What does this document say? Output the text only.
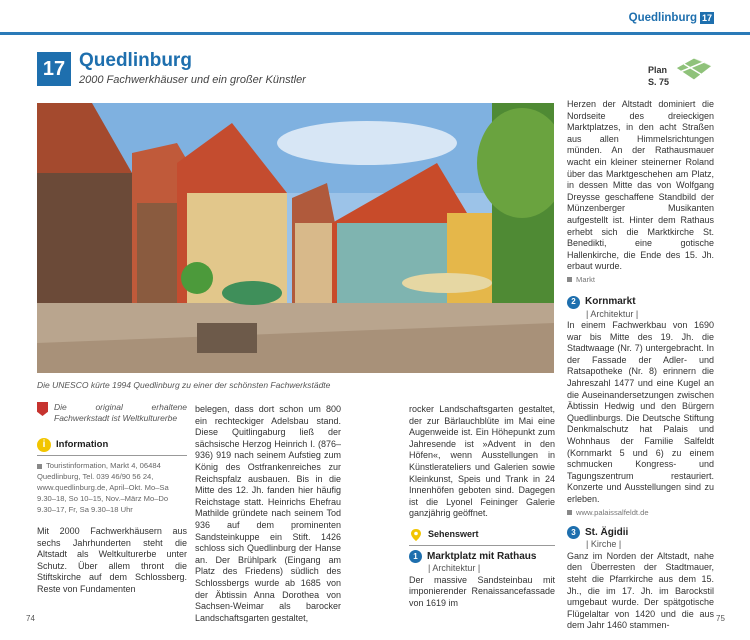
Quedlinburg 17
17 Quedlinburg
2000 Fachwerkhäuser und ein großer Künstler
Plan
S. 75
Die UNESCO kürte 1994 Quedlinburg zu einer der schönsten Fachwerkstädte
Die original erhaltene Fachwerkstadt ist Weltkulturerbe
i	Information
Touristinformation, Markt 4, 06484 Quedlinburg, Tel. 039 46/90 56 24, www.quedlinburg.de, April–Okt. Mo–Sa 9.30–18, So 10–15, Nov.–März Mo–Do 9.30–17, Fr, Sa 9.30–18 Uhr

Mit 2000 Fachwerkhäusern aus sechs Jahrhunderten steht die Altstadt als Weltkulturerbe unter Schutz. Über allem thront die Stiftskirche auf dem Schlossberg. Reste von Fundamenten

belegen, dass dort schon um 800 ein rechteckiger Adelsbau stand. Diese Quitlingaburg ließ der sächsische Herzog Heinrich I. (876–936) 919 nach seinem Aufstieg zum König des Ostfrankenreiches zur Reichspfalz ausbauen. Bis in die Mitte des 12. Jh. fanden hier häufig Reichstage statt. Heinrichs Ehefrau Mathilde gründete nach seinem Tod 936 auf dem prominenten Sandsteinkuppe ein Stift. 1426 schloss sich Quedlinburg der Hanse an. Der Brühlpark (Eingang am Platz des Friedens) südlich des Schlossbergs wurde ab 1685 von der Äbtissin Anna Dorothea von Sachsen-Weimar als barocker Landschaftsgarten gestaltet,

rocker Landschaftsgarten gestaltet, der zur Bärlauchblüte im Mai eine Augenweide ist. Ein Höhepunkt zum Jahresende ist »Advent in den Höfen«, wenn Ausstellungen in Künstlerateliers und Galerien sowie Kleinkunst, Speis und Trank in 24 Innenhöfen geboten sind. Dagegen ist die Lyonel Feininger Galerie ganzjährig geöffnet.

Sehenswert
1 Marktplatz mit Rathaus
| Architektur |

Der massive Sandsteinbau mit imponierender Renaissancefassade von 1619 im

Herzen der Altstadt dominiert die Nordseite des dreieckigen Marktplatzes, in den acht Straßen aus allen Himmelsrichtungen münden. An der Rathausmauer wacht ein kleiner steinerner Roland über das Marktgeschehen am Platz, in dessen Mitte das von Wolfgang Dreysse geschaffene Standbild der Münzenberger Musikanten aufgestellt ist. Hinter dem Rathaus erhebt sich die Marktkirche St. Benedikti, eine gotische Hallenkirche, die Ende des 15. Jh. erbaut wurde.

Markt
2 Kornmarkt
| Architektur |

In einem Fachwerkbau von 1690 war bis Mitte des 19. Jh. die Stadtwaage (Nr. 7) untergebracht. In der Fassade der Adler- und Ratsapotheke (Nr. 8) erinnern die Jahreszahl 1477 und eine Kugel an die Auseinandersetzungen zwischen Äbtissin Hedwig und den Bürgern Quedlinburgs. Die Deutsche Stiftung Denkmalschutz hat Palais und Wohnhaus der Familie Salfeldt (Kornmarkt 5 und 6) zu einem schmucken Kongress- und Tagungszentrum restauriert. Konzerte und Ausstellungen sind zu erleben.

www.palaissalfeldt.de
3 St. Ägidii
| Kirche |

Ganz im Norden der Altstadt, nahe den Überresten der Stadtmauer, steht die Pfarrkirche aus dem 15. Jh., die im 17. Jh. im Barockstil umgebaut wurde. Der spätgotische Flügelaltar von 1420 und die aus dem Jahr 1460 stammen-

74	75
